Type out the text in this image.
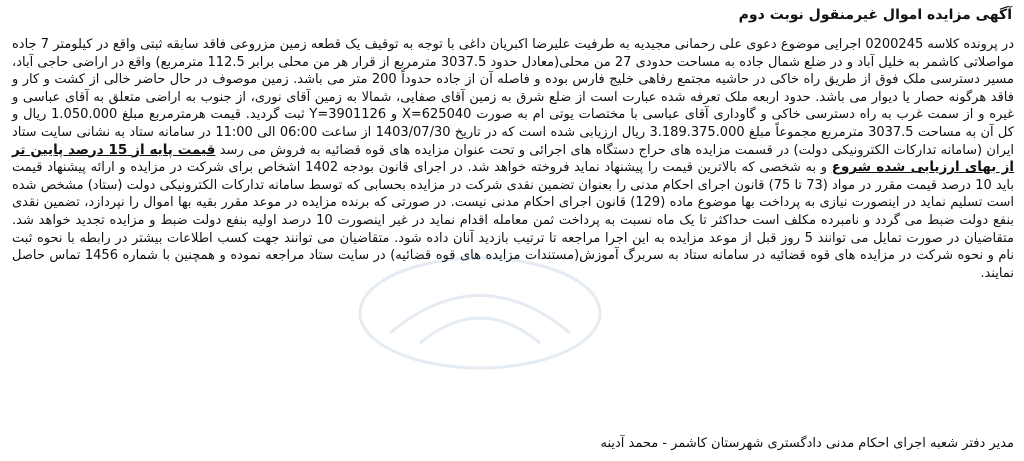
آگهی مزایده اموال غیرمنقول نوبت دوم

در پرونده کلاسه 0200245 اجرایی موضوع دعوی علی رحمانی مجیدیه به طرفیت علیرضا اکبریان داغی با توجه به توقیف یک قطعه زمین مزروعی فاقد سابقه ثبتی واقع در کیلومتر 7 جاده مواصلاتی کاشمر به خلیل آباد و در ضلع شمال جاده به مساحت حدودی 27 من محلی(معادل حدود 3037.5 مترمربع از قرار هر من محلی برابر 112.5 مترمربع) واقع در اراضی حاجی آباد، مسیر دسترسی ملک فوق از طریق راه خاکی در حاشیه مجتمع رفاهی خلیج فارس بوده و فاصله آن از جاده حدوداً 200 متر می باشد. زمین موصوف در حال حاضر خالی از کشت و کار و فاقد هرگونه حصار یا دیوار می باشد. حدود اربعه ملک تعرفه شده عبارت است از ضلع شرق به زمین آقای صفایی، شمالا به زمین آقای نوری، از جنوب به اراضی متعلق به آقای عباسی و غیره و از سمت غرب به راه دسترسی خاکی و گاوداری آقای عباسی با مختصات یوتی ام به صورت X=625040 و Y=3901126 ثبت گردید. قیمت هرمترمربع مبلغ 1.050.000 ریال و کل آن به مساحت 3037.5 مترمربع مجموعاً مبلغ 3.189.375.000 ریال ارزیابی شده است که در تاریخ 1403/07/30 از ساعت 06:00 الی 11:00 در سامانه ستاد به نشانی سایت ستاد ایران (سامانه تدارکات الکترونیکی دولت) در قسمت مزایده های حراج دستگاه های اجرائی و تحت عنوان مزایده های قوه قضائیه به فروش می رسد قیمت پایه از 15 درصد پایین تر از بهای ارزیابی شده شروع و به شخصی که بالاترین قیمت را پیشنهاد نماید فروخته خواهد شد. در اجرای قانون بودجه 1402 اشخاص برای شرکت در مزایده و ارائه پیشنهاد قیمت باید 10 درصد قیمت مقرر در مواد (73 تا 75) قانون اجرای احکام مدنی را بعنوان تضمین نقدی شرکت در مزایده بحسابی که توسط سامانه تدارکات الکترونیکی دولت (ستاد) مشخص شده است تسلیم نماید در اینصورت نیازی به پرداخت بها موضوع ماده (129) قانون اجرای احکام مدنی نیست. در صورتی که برنده مزایده در موعد مقرر بقیه بها اموال را نپردازد، تضمین نقدی بنفع دولت ضبط می گردد و نامبرده مکلف است حداکثر تا یک ماه نسبت به پرداخت ثمن معامله اقدام نماید در غیر اینصورت 10 درصد اولیه بنفع دولت ضبط و مزایده تجدید خواهد شد. متقاضیان در صورت تمایل می توانند 5 روز قبل از موعد مزایده به این اجرا مراجعه تا ترتیب بازدید آنان داده شود. متقاضیان می توانند جهت کسب اطلاعات بیشتر در رابطه با نحوه ثبت نام و نحوه شرکت در مزایده های قوه قضائیه در سامانه ستاد به سربرگ آموزش(مستندات مزایده های قوه قضائیه) در سایت ستاد مراجعه نموده و همچنین با شماره 1456 تماس حاصل نمایند.

مدیر دفتر شعبه اجرای احکام مدنی دادگستری شهرستان کاشمر - محمد آدینه
